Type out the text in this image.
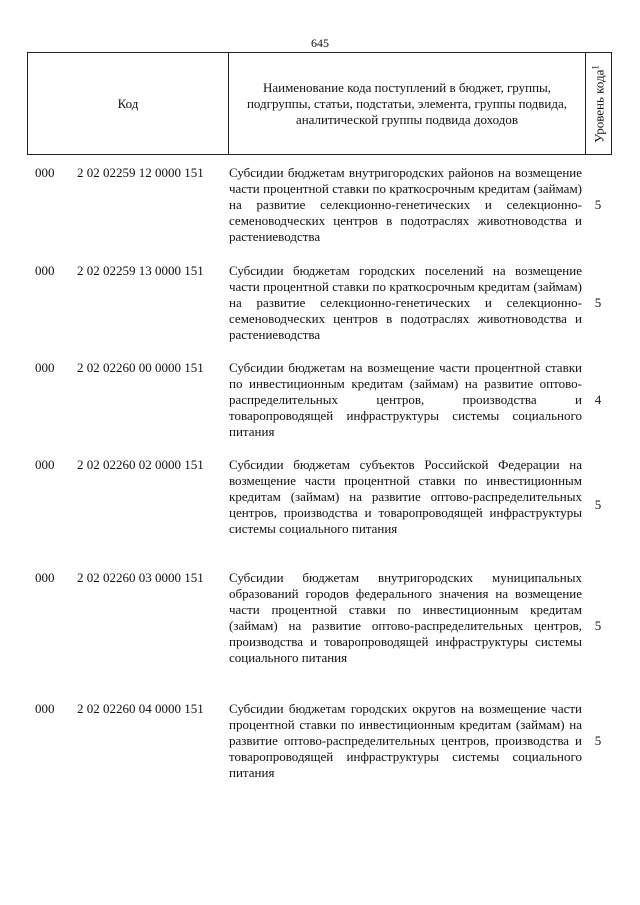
645
Код
Наименование кода поступлений в бюджет, группы, подгруппы, статьи, подстатьи, элемента, группы подвида, аналитической группы подвида доходов	Уровень кода$^1$
000 2 02 02259 12 0000 151 Субсидии бюджетам внутригородских районов на возмещение части процентной ставки по краткосрочным кредитам (займам) на развитие селекционно-генетических и селекционно-семеноводческих центров в подотраслях животноводства и растениеводства
5
000 2 02 02259 13 0000 151 Субсидии бюджетам городских поселений на возмещение части процентной ставки по краткосрочным кредитам (займам) на развитие селекционно-генетических и селекционно-семеноводческих центров в подотраслях животноводства и растениеводства
5
000 2 02 02260 00 0000 151 Субсидии бюджетам на возмещение части процентной ставки по инвестиционным кредитам (займам) на развитие оптово-распределительных центров, производства и товаропроводящей инфраструктуры системы социального питания
4
000 2 02 02260 02 0000 151 Субсидии бюджетам субъектов Российской Федерации на возмещение части процентной ставки по инвестиционным кредитам (займам) на развитие оптово-распределительных центров, производства и товаропроводящей инфраструктуры системы социального питания
5
000 2 02 02260 03 0000 151 Субсидии бюджетам внутригородских муниципальных образований городов федерального значения на возмещение части процентной ставки по инвестиционным кредитам (займам) на развитие оптово-распределительных центров, производства и товаропроводящей инфраструктуры системы социального питания
5
000 2 02 02260 04 0000 151 Субсидии бюджетам городских округов на возмещение части процентной ставки по инвестиционным кредитам (займам) на развитие оптово-распределительных центров, производства и товаропроводящей инфраструктуры системы социального питания
5
